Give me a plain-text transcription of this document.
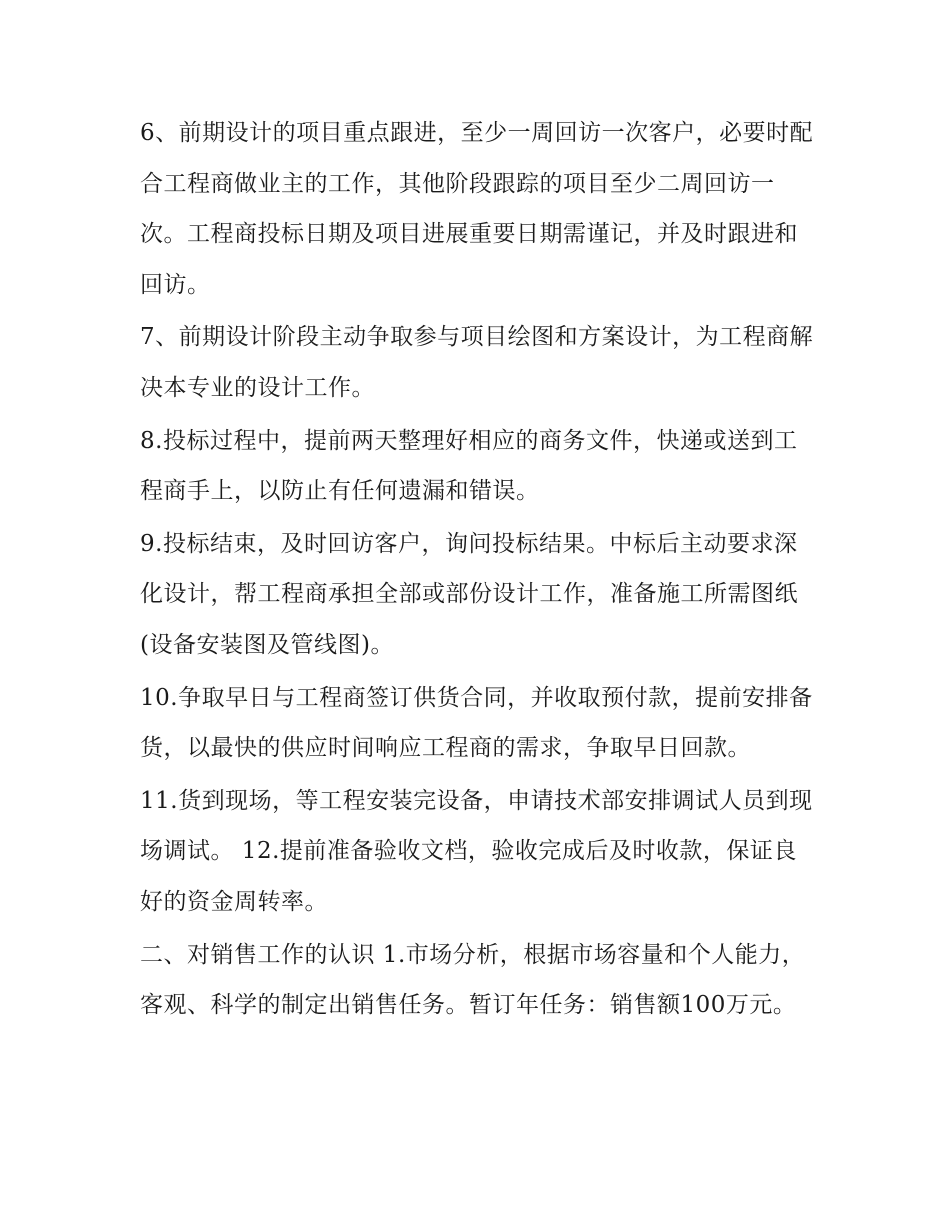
6、前期设计的项目重点跟进，至少一周回访一次客户，必要时配合工程商做业主的工作，其他阶段跟踪的项目至少二周回访一次。工程商投标日期及项目进展重要日期需谨记，并及时跟进和回访。

7、前期设计阶段主动争取参与项目绘图和方案设计，为工程商解决本专业的设计工作。

8.投标过程中，提前两天整理好相应的商务文件，快递或送到工程商手上，以防止有任何遗漏和错误。

9.投标结束，及时回访客户，询问投标结果。中标后主动要求深化设计，帮工程商承担全部或部份设计工作，准备施工所需图纸(设备安装图及管线图)。

10.争取早日与工程商签订供货合同，并收取预付款，提前安排备货，以最快的供应时间响应工程商的需求，争取早日回款。

11.货到现场，等工程安装完设备，申请技术部安排调试人员到现场调试。 12.提前准备验收文档，验收完成后及时收款，保证良好的资金周转率。

二、对销售工作的认识 1.市场分析，根据市场容量和个人能力，客观、科学的制定出销售任务。暂订年任务：销售额100万元。
